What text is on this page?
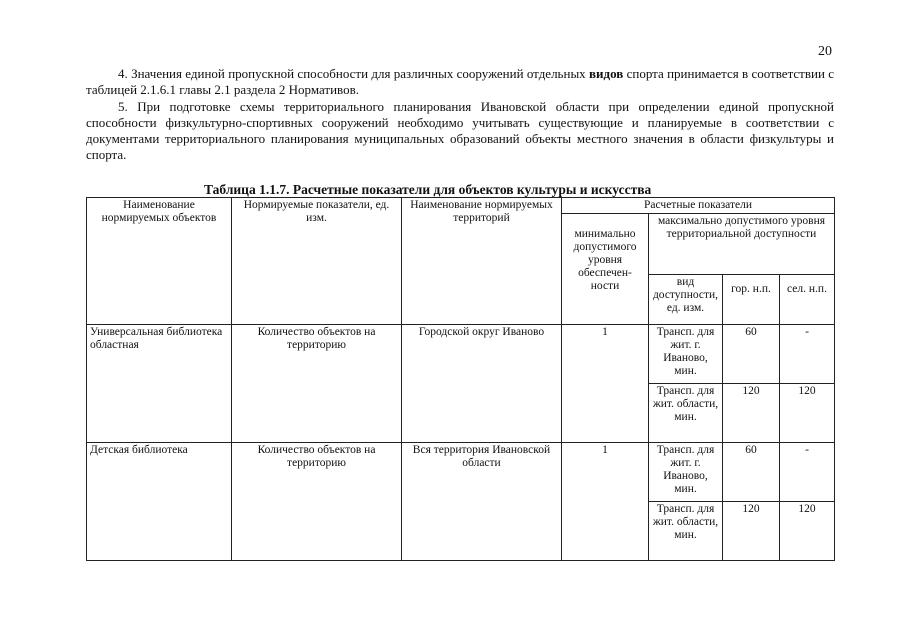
20

4. Значения единой пропускной способности для различных сооружений отдельных видов спорта принимается в соответствии с таблицей 2.1.6.1 главы 2.1 раздела 2 Нормативов.

5. При подготовке схемы территориального планирования Ивановской области при определении единой пропускной способности физкультурно-спортивных сооружений необходимо учитывать существующие и планируемые в соответствии с документами территориального планирования муниципальных образований объекты местного значения в области физкультуры и спорта.

Таблица 1.1.7. Расчетные показатели для объектов культуры и искусства
Наименование нормируемых объектов	Нормируемые показатели, ед. изм.	Наименование нормируемых территорий	Расчетные показатели			
			минимально допустимого уровня обеспечен-ности	максимально допустимого уровня территориальной доступности		
				вид доступности, ед. изм.	гор. н.п.	сел. н.п.
Универсальная библиотека областная	Количество объектов на территорию	Городской округ Иваново	1	Трансп. для жит. г. Иваново, мин.	60	-
				Трансп. для жит. области, мин.	120	120
Детская библиотека	Количество объектов на территорию	Вся территория Ивановской области	1	Трансп. для жит. г. Иваново, мин.	60	-
				Трансп. для жит. области, мин.	120	120
